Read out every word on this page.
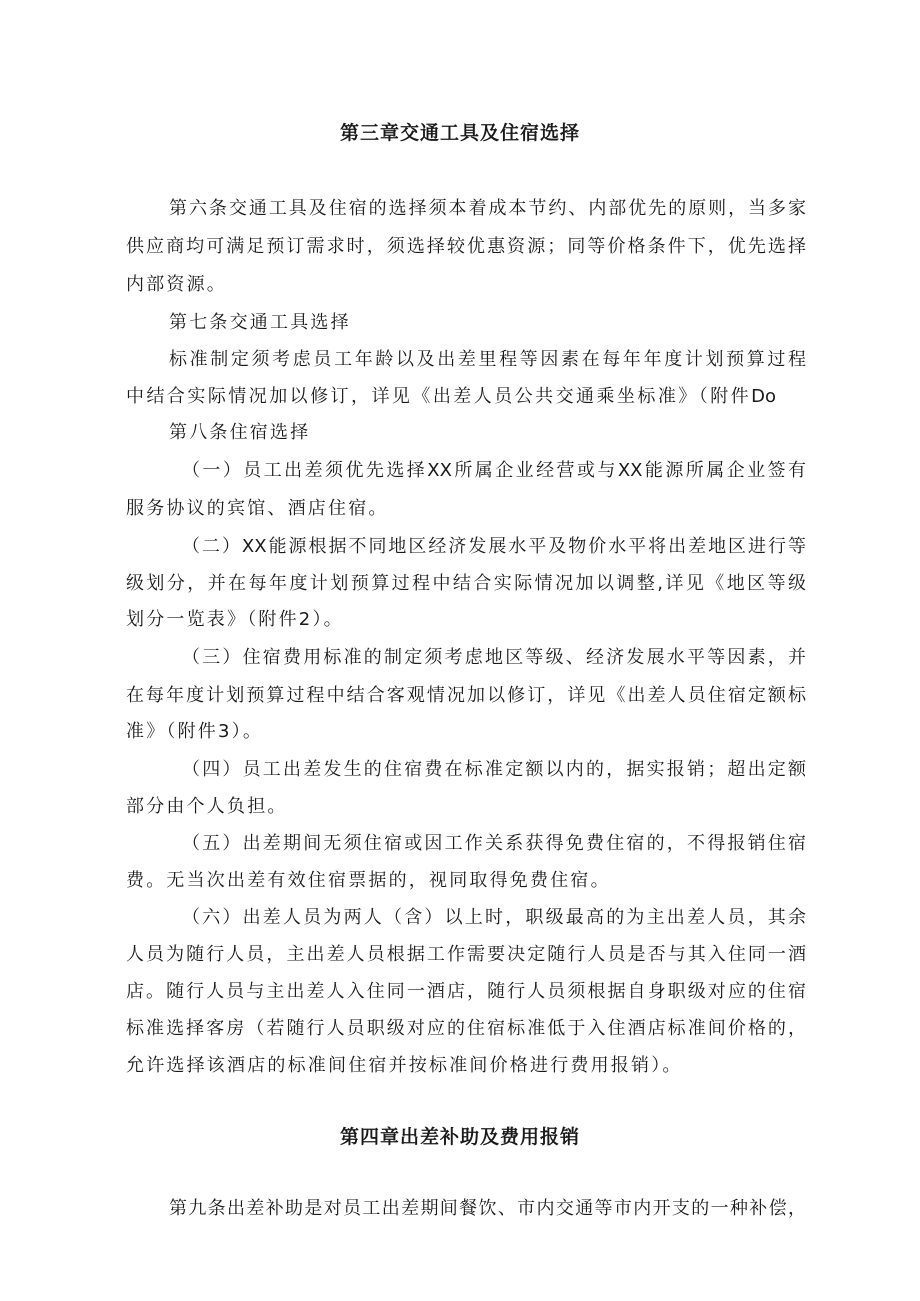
第三章交通工具及住宿选择
第六条交通工具及住宿的选择须本着成本节约、内部优先的原则，当多家
供应商均可满足预订需求时，须选择较优惠资源；同等价格条件下，优先选择
内部资源。
第七条交通工具选择
标准制定须考虑员工年龄以及出差里程等因素在每年年度计划预算过程
中结合实际情况加以修订，详见《出差人员公共交通乘坐标准》（附件Do
第八条住宿选择
（一）员工出差须优先选择XX所属企业经营或与XX能源所属企业签有
服务协议的宾馆、酒店住宿。
（二）XX能源根据不同地区经济发展水平及物价水平将出差地区进行等
级划分，并在每年度计划预算过程中结合实际情况加以调整,详见《地区等级
划分一览表》（附件2）。
（三）住宿费用标准的制定须考虑地区等级、经济发展水平等因素，并
在每年度计划预算过程中结合客观情况加以修订，详见《出差人员住宿定额标
准》（附件3）。
（四）员工出差发生的住宿费在标准定额以内的，据实报销；超出定额
部分由个人负担。
（五）出差期间无须住宿或因工作关系获得免费住宿的，不得报销住宿
费。无当次出差有效住宿票据的，视同取得免费住宿。
（六）出差人员为两人（含）以上时，职级最高的为主出差人员，其余
人员为随行人员，主出差人员根据工作需要决定随行人员是否与其入住同一酒
店。随行人员与主出差人入住同一酒店，随行人员须根据自身职级对应的住宿
标准选择客房（若随行人员职级对应的住宿标准低于入住酒店标准间价格的，
允许选择该酒店的标准间住宿并按标准间价格进行费用报销）。
第四章出差补助及费用报销
第九条出差补助是对员工出差期间餐饮、市内交通等市内开支的一种补偿，
